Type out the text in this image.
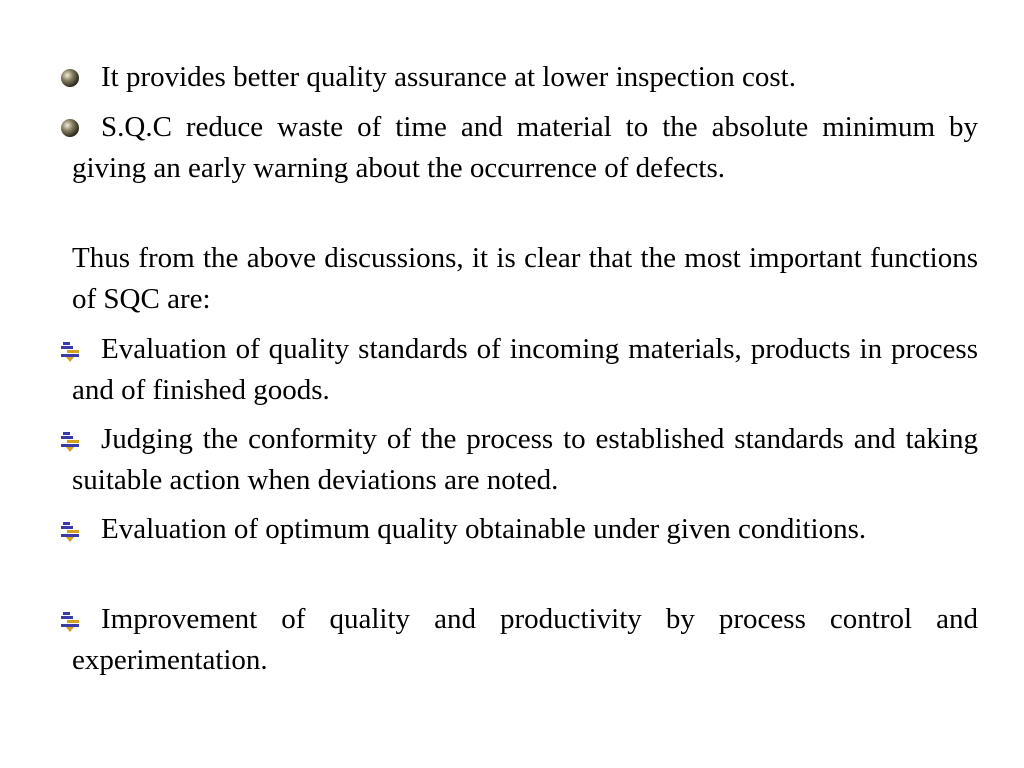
It provides better quality assurance at lower inspection cost.

S.Q.C reduce waste of time and material to the absolute minimum by giving an early warning about the occurrence of defects.

Thus from the above discussions, it is clear that the most important functions of SQC are:

Evaluation of quality standards of incoming materials, products in process and of finished goods.

Judging the conformity of the process to established standards and taking suitable action when deviations are noted.

Evaluation of optimum quality obtainable under given conditions.

Improvement of quality and productivity by process control and experimentation.
